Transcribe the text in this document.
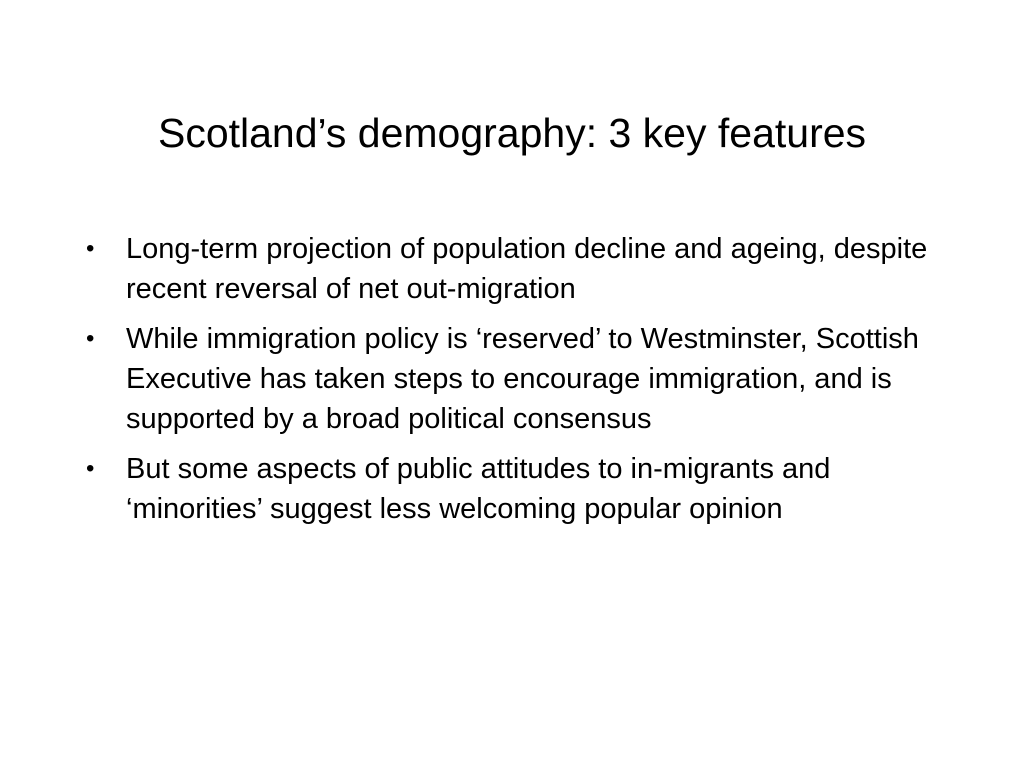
Scotland’s demography: 3 key features
•	Long-term projection of population decline and ageing, despite recent reversal of net out-migration
•	While immigration policy is ‘reserved’ to Westminster, Scottish Executive has taken steps to encourage immigration, and is supported by a broad political consensus
•	But some aspects of public attitudes to in-migrants and ‘minorities’ suggest less welcoming popular opinion
